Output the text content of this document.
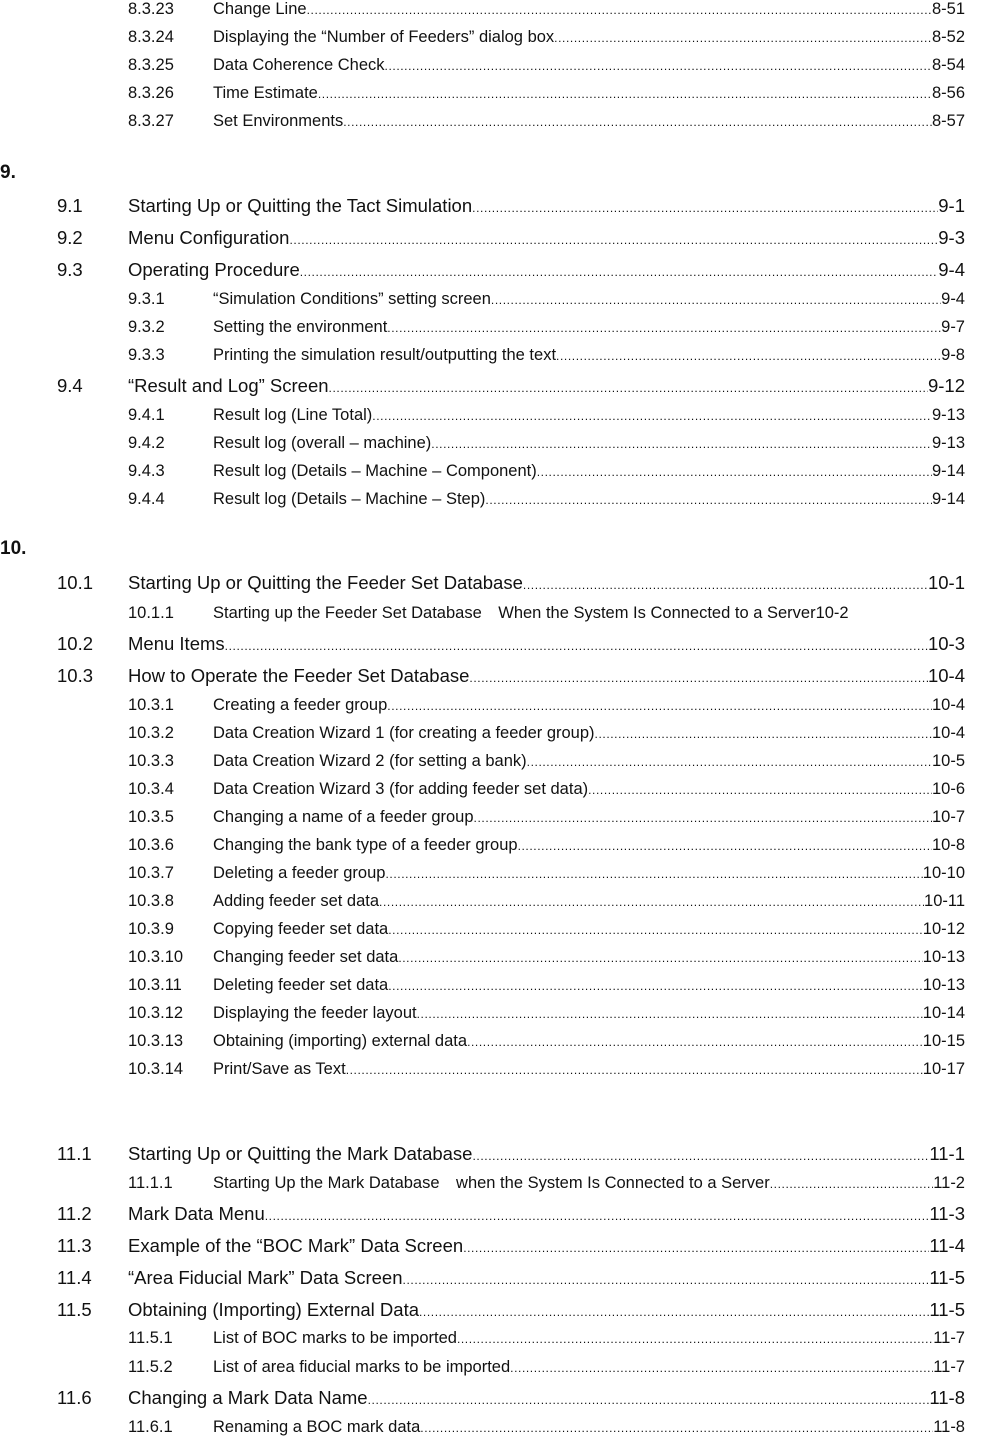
8.3.23	Change Line .....	8-51
8.3.24	Displaying the “Number of Feeders” dialog box .....	8-52
8.3.25	Data Coherence Check .....	8-54
8.3.26	Time Estimate .....	8-56
8.3.27	Set Environments .....	8-57
9.
9.1	Starting Up or Quitting the Tact Simulation .....	9-1
9.2	Menu Configuration .....	9-3
9.3	Operating Procedure .....	9-4
9.3.1	“Simulation Conditions” setting screen .....	9-4
9.3.2	Setting the environment .....	9-7
9.3.3	Printing the simulation result/outputting the text .....	9-8
9.4	“Result and Log” Screen .....	9-12
9.4.1	Result log (Line Total) .....	9-13
9.4.2	Result log (overall – machine) .....	9-13
9.4.3	Result log (Details – Machine – Component) .....	9-14
9.4.4	Result log (Details – Machine – Step) .....	9-14
10.
10.1	Starting Up or Quitting the Feeder Set Database .....	10-1
10.1.1	Starting up the Feeder Set Database　When the System Is Connected to a Server 10-2
10.2	Menu Items .....	10-3
10.3	How to Operate the Feeder Set Database .....	10-4
10.3.1	Creating a feeder group .....	10-4
10.3.2	Data Creation Wizard 1 (for creating a feeder group) .....	10-4
10.3.3	Data Creation Wizard 2 (for setting a bank) .....	10-5
10.3.4	Data Creation Wizard 3 (for adding feeder set data) .....	10-6
10.3.5	Changing a name of a feeder group .....	10-7
10.3.6	Changing the bank type of a feeder group .....	10-8
10.3.7	Deleting a feeder group .....	10-10
10.3.8	Adding feeder set data .....	10-11
10.3.9	Copying feeder set data .....	10-12
10.3.10	Changing feeder set data .....	10-13
10.3.11	Deleting feeder set data .....	10-13
10.3.12	Displaying the feeder layout .....	10-14
10.3.13	Obtaining (importing) external data .....	10-15
10.3.14	Print/Save as Text .....	10-17
11.1	Starting Up or Quitting the Mark Database .....	11-1
11.1.1	Starting Up the Mark Database　when the System Is Connected to a Server .....	11-2
11.2	Mark Data Menu .....	11-3
11.3	Example of the “BOC Mark” Data Screen .....	11-4
11.4	“Area Fiducial Mark” Data Screen .....	11-5
11.5	Obtaining (Importing) External Data .....	11-5
11.5.1	List of BOC marks to be imported .....	11-7
11.5.2	List of area fiducial marks to be imported .....	11-7
11.6	Changing a Mark Data Name .....	11-8
11.6.1	Renaming a BOC mark data .....	11-8
